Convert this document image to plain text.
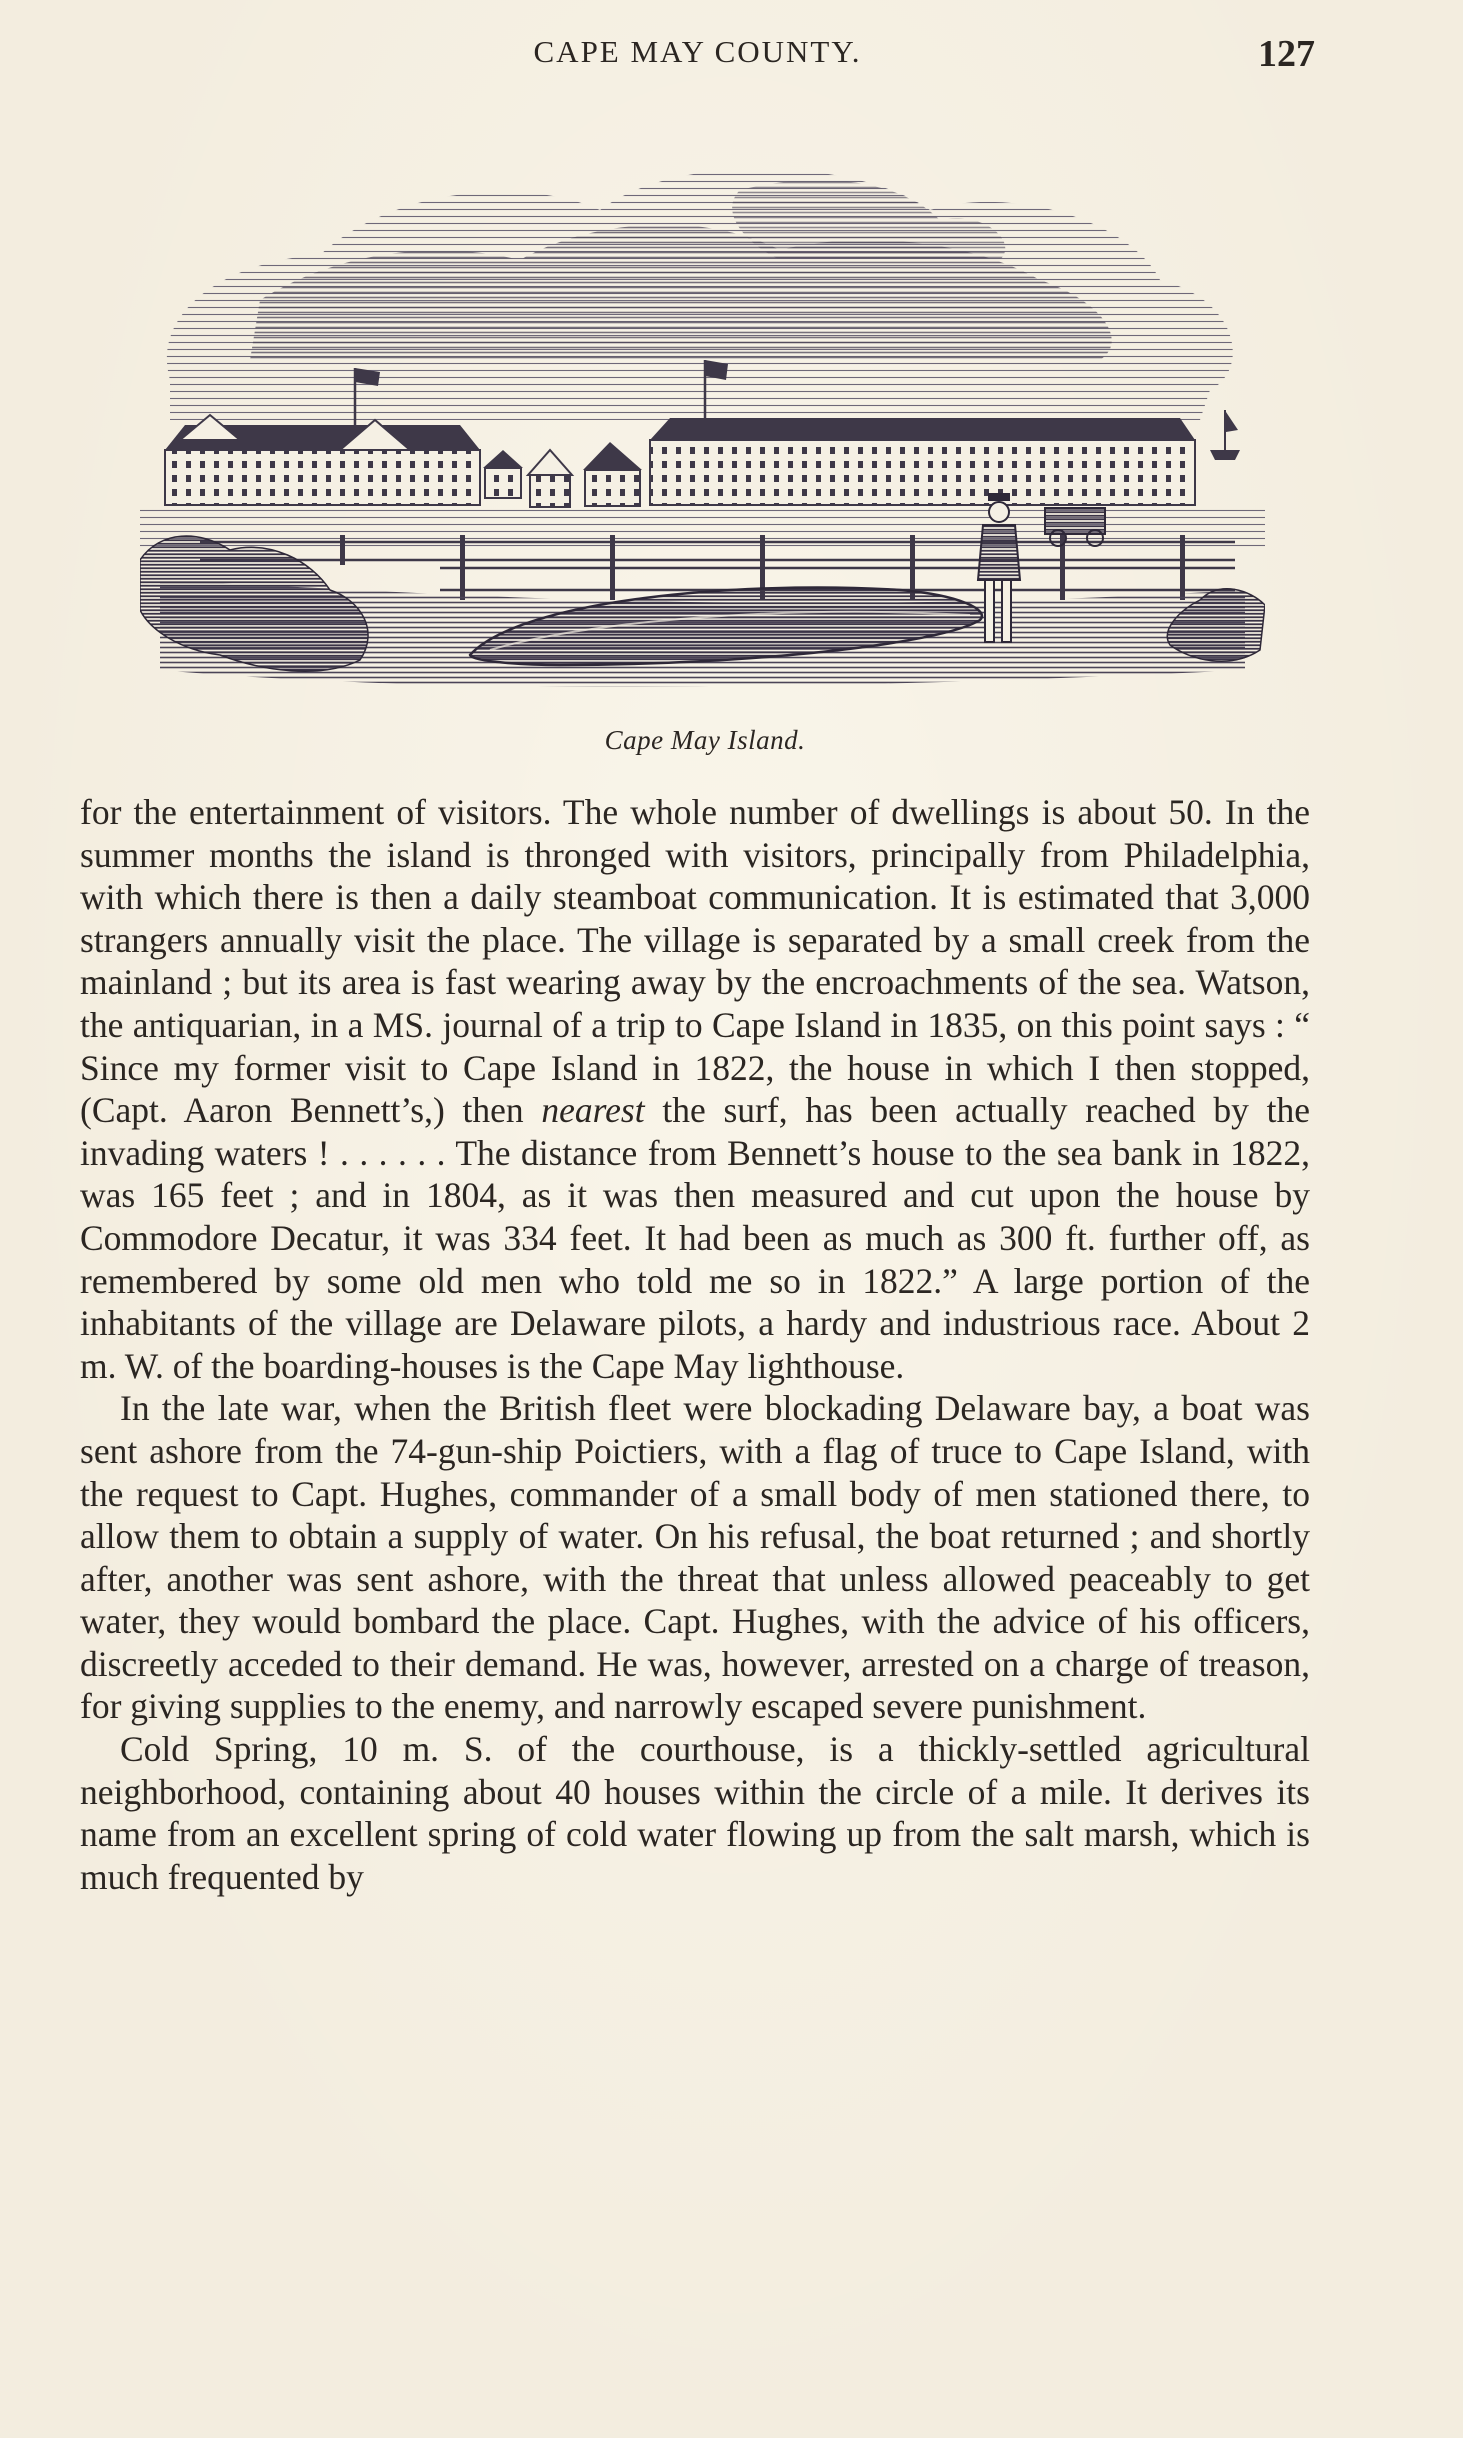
CAPE MAY COUNTY.	127
Cape May Island.

for the entertainment of visitors. The whole number of dwellings is about 50. In the summer months the island is thronged with visitors, principally from Philadelphia, with which there is then a daily steamboat communication. It is estimated that 3,000 strangers annually visit the place. The village is separated by a small creek from the mainland ; but its area is fast wearing away by the encroachments of the sea. Watson, the antiquarian, in a MS. journal of a trip to Cape Island in 1835, on this point says : “ Since my former visit to Cape Island in 1822, the house in which I then stopped, (Capt. Aaron Bennett’s,) then nearest the surf, has been actually reached by the invading waters ! . . . . . . The distance from Bennett’s house to the sea bank in 1822, was 165 feet ; and in 1804, as it was then measured and cut upon the house by Commodore Decatur, it was 334 feet. It had been as much as 300 ft. further off, as remembered by some old men who told me so in 1822.” A large portion of the inhabitants of the village are Delaware pilots, a hardy and industrious race. About 2 m. W. of the boarding-houses is the Cape May lighthouse.

In the late war, when the British fleet were blockading Delaware bay, a boat was sent ashore from the 74-gun-ship Poictiers, with a flag of truce to Cape Island, with the request to Capt. Hughes, commander of a small body of men stationed there, to allow them to obtain a supply of water. On his refusal, the boat returned ; and shortly after, another was sent ashore, with the threat that unless allowed peaceably to get water, they would bombard the place. Capt. Hughes, with the advice of his officers, discreetly acceded to their demand. He was, however, arrested on a charge of treason, for giving supplies to the enemy, and narrowly escaped severe punishment.

Cold Spring, 10 m. S. of the courthouse, is a thickly-settled agricultural neighborhood, containing about 40 houses within the circle of a mile. It derives its name from an excellent spring of cold water flowing up from the salt marsh, which is much frequented by
